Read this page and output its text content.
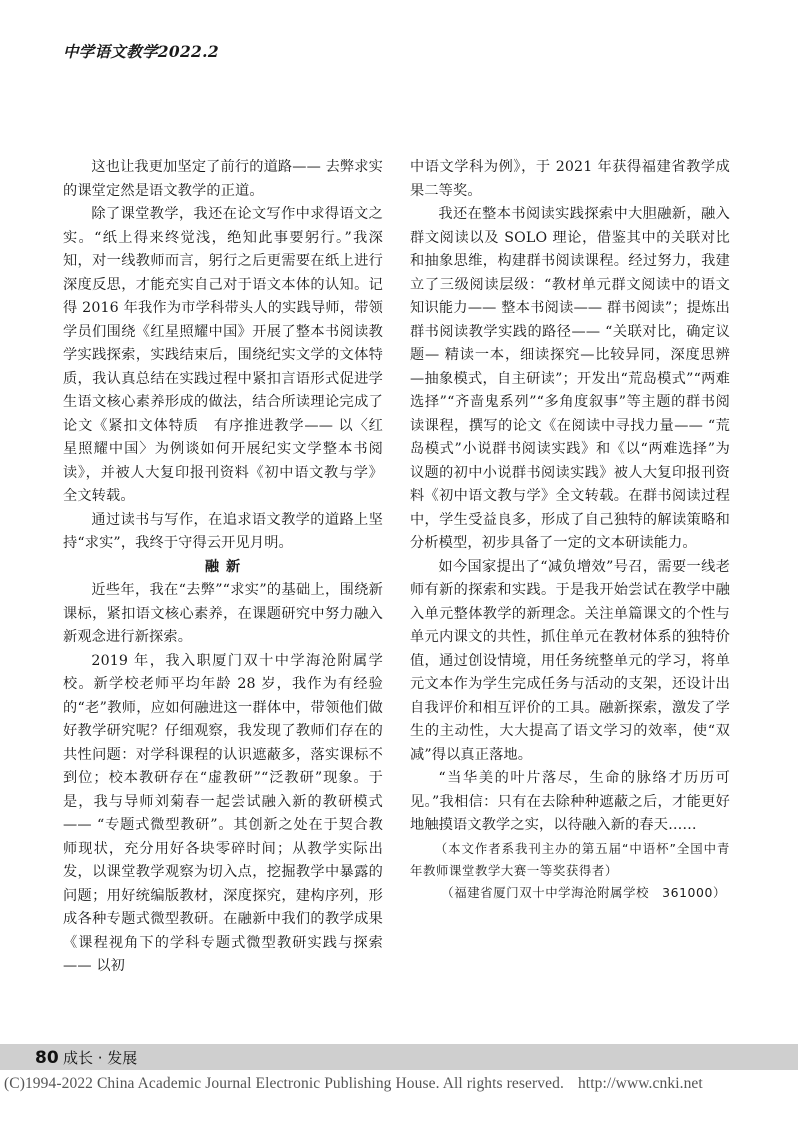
中学语文教学2022.2

这也让我更加坚定了前行的道路—— 去弊求实的课堂定然是语文教学的正道。

除了课堂教学，我还在论文写作中求得语文之实。“纸上得来终觉浅，绝知此事要躬行。”我深知，对一线教师而言，躬行之后更需要在纸上进行深度反思，才能充实自己对于语文本体的认知。记得 2016 年我作为市学科带头人的实践导师，带领学员们围绕《红星照耀中国》开展了整本书阅读教学实践探索，实践结束后，围绕纪实文学的文体特质，我认真总结在实践过程中紧扣言语形式促进学生语文核心素养形成的做法，结合所读理论完成了论文《紧扣文体特质　有序推进教学—— 以〈红星照耀中国〉为例谈如何开展纪实文学整本书阅读》，并被人大复印报刊资料《初中语文教与学》全文转载。

通过读书与写作，在追求语文教学的道路上坚持“求实”，我终于守得云开见月明。

融 新

近些年，我在“去弊”“求实”的基础上，围绕新课标，紧扣语文核心素养，在课题研究中努力融入新观念进行新探索。

2019 年，我入职厦门双十中学海沧附属学校。新学校老师平均年龄 28 岁，我作为有经验的“老”教师，应如何融进这一群体中，带领他们做好教学研究呢？仔细观察，我发现了教师们存在的共性问题：对学科课程的认识遮蔽多，落实课标不到位；校本教研存在“虚教研”“泛教研”现象。于是，我与导师刘菊春一起尝试融入新的教研模式—— “专题式微型教研”。其创新之处在于契合教师现状，充分用好各块零碎时间；从教学实际出发，以课堂教学观察为切入点，挖掘教学中暴露的问题；用好统编版教材，深度探究，建构序列，形成各种专题式微型教研。在融新中我们的教学成果《课程视角下的学科专题式微型教研实践与探索—— 以初

中语文学科为例》，于 2021 年获得福建省教学成果二等奖。

我还在整本书阅读实践探索中大胆融新，融入群文阅读以及 SOLO 理论，借鉴其中的关联对比和抽象思维，构建群书阅读课程。经过努力，我建立了三级阅读层级：“教材单元群文阅读中的语文知识能力—— 整本书阅读—— 群书阅读”；提炼出群书阅读教学实践的路径—— “关联对比，确定议题— 精读一本，细读探究—比较异同，深度思辨—抽象模式，自主研读”；开发出“荒岛模式”“两难选择”“齐啬鬼系列”“多角度叙事”等主题的群书阅读课程，撰写的论文《在阅读中寻找力量—— “荒岛模式”小说群书阅读实践》和《以“两难选择”为议题的初中小说群书阅读实践》被人大复印报刊资料《初中语文教与学》全文转载。在群书阅读过程中，学生受益良多，形成了自己独特的解读策略和分析模型，初步具备了一定的文本研读能力。

如今国家提出了“减负增效”号召，需要一线老师有新的探索和实践。于是我开始尝试在教学中融入单元整体教学的新理念。关注单篇课文的个性与单元内课文的共性，抓住单元在教材体系的独特价值，通过创设情境，用任务统整单元的学习，将单元文本作为学生完成任务与活动的支架，还设计出自我评价和相互评价的工具。融新探索，激发了学生的主动性，大大提高了语文学习的效率，使“双减”得以真正落地。

“当华美的叶片落尽，生命的脉络才历历可见。”我相信：只有在去除种种遮蔽之后，才能更好地触摸语文教学之实，以待融入新的春天……

（本文作者系我刊主办的第五届“中语杯”全国中青年教师课堂教学大赛一等奖获得者）

（福建省厦门双十中学海沧附属学校　361000）

80 成长 · 发展
(C)1994-2022 China Academic Journal Electronic Publishing House. All rights reserved. http://www.cnki.net
